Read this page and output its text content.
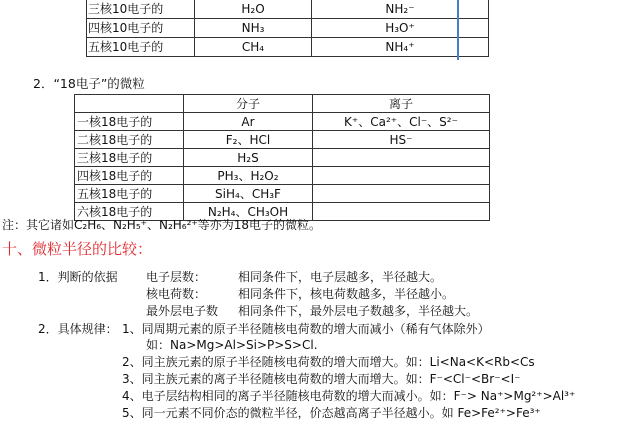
三核10电子的	H₂O	NH₂⁻
四核10电子的	NH₃	H₃O⁺
五核10电子的	CH₄	NH₄⁺
2．“18电子”的微粒
	分子	离子
一核18电子的	Ar	K⁺、Ca²⁺、Cl⁻、S²⁻
二核18电子的	F₂、HCl	HS⁻
三核18电子的	H₂S	
四核18电子的	PH₃、H₂O₂	
五核18电子的	SiH₄、CH₃F	
六核18电子的	N₂H₄、CH₃OH	
注：其它诸如C₂H₆、N₂H₅⁺、N₂H₆²⁺等亦为18电子的微粒。
十、微粒半径的比较：
1．判断的依据 电子层数：	相同条件下，电子层越多，半径越大。
核电荷数：	相同条件下，核电荷数越多，半径越小。
最外层电子数 相同条件下，最外层电子数越多，半径越大。
2．具体规律： 1、同周期元素的原子半径随核电荷数的增大而减小（稀有气体除外）
如：Na>Mg>Al>Si>P>S>Cl.
2、同主族元素的原子半径随核电荷数的增大而增大。如：Li<Na<K<Rb<Cs
3、同主族元素的离子半径随核电荷数的增大而增大。如：F⁻<Cl⁻<Br⁻<I⁻
4、电子层结构相同的离子半径随核电荷数的增大而减小。如：F⁻> Na⁺>Mg²⁺>Al³⁺
5、同一元素不同价态的微粒半径，价态越高离子半径越小。如 Fe>Fe²⁺>Fe³⁺
